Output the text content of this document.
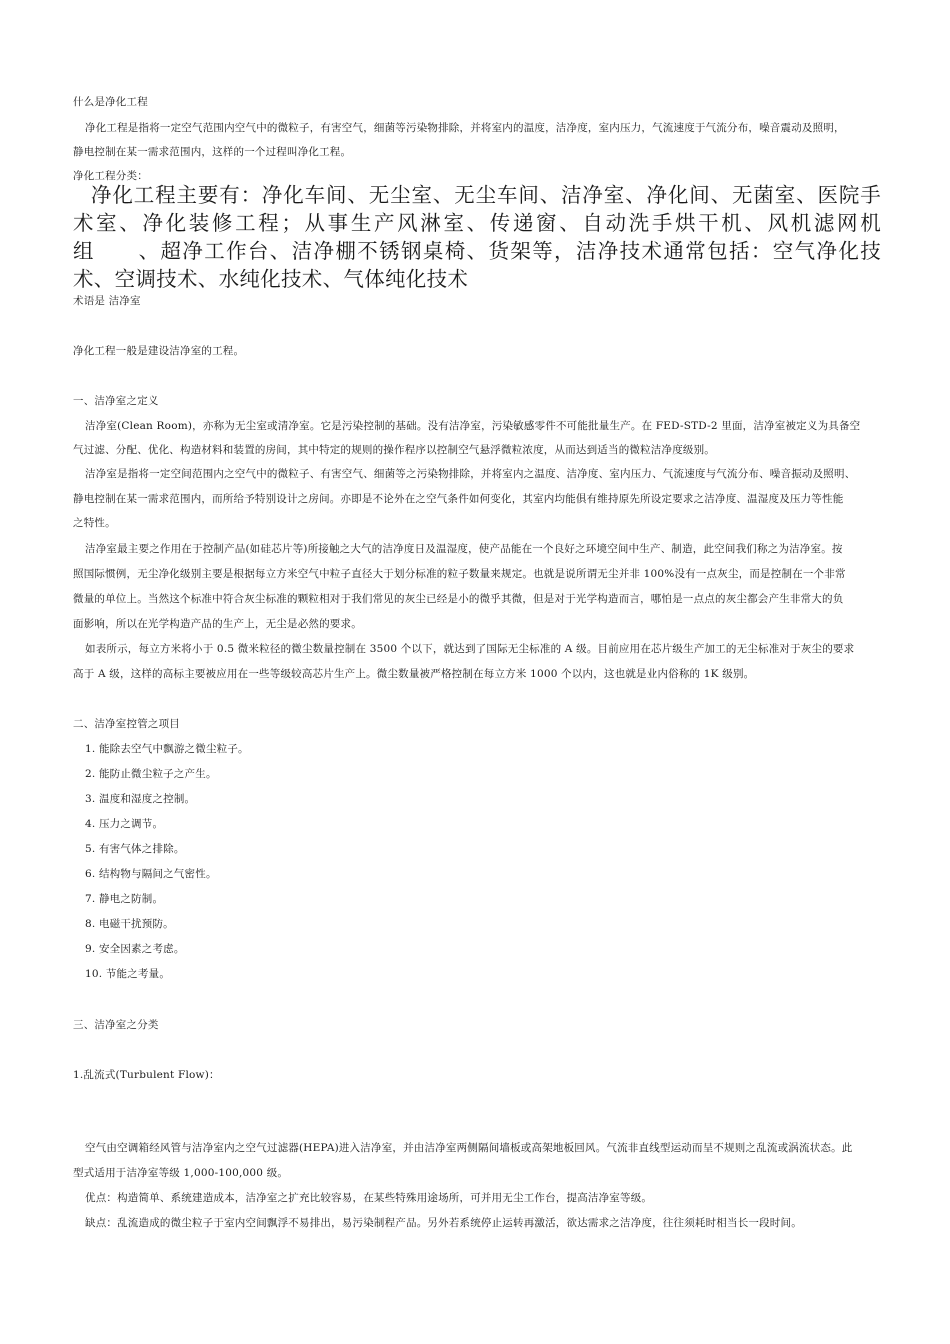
什么是净化工程
净化工程是指将一定空气范围内空气中的微粒子，有害空气，细菌等污染物排除，并将室内的温度，洁净度，室内压力，气流速度于气流分布，噪音震动及照明，
静电控制在某一需求范围内，这样的一个过程叫净化工程。
净化工程分类：
净化工程主要有：净化车间、无尘室、无尘车间、洁净室、净化间、无菌室、医院手术室、净化装修工程；从事生产风淋室、传递窗、自动洗手烘干机、风机滤网机组　　、超净工作台、洁净棚不锈钢桌椅、货架等，洁净技术通常包括：空气净化技术、空调技术、水纯化技术、气体纯化技术
术语是 洁净室
净化工程一般是建设洁净室的工程。
一、洁净室之定义
洁净室(Clean Room)，亦称为无尘室或清净室。它是污染控制的基础。没有洁净室，污染敏感零件不可能批量生产。在 FED-STD-2 里面，洁净室被定义为具备空
气过滤、分配、优化、构造材料和装置的房间，其中特定的规则的操作程序以控制空气悬浮微粒浓度，从而达到适当的微粒洁净度级别。
洁净室是指将一定空间范围内之空气中的微粒子、有害空气、细菌等之污染物排除，并将室内之温度、洁净度、室内压力、气流速度与气流分布、噪音振动及照明、
静电控制在某一需求范围内，而所给予特别设计之房间。亦即是不论外在之空气条件如何变化，其室内均能俱有维持原先所设定要求之洁净度、温湿度及压力等性能
之特性。
洁净室最主要之作用在于控制产品(如硅芯片等)所接触之大气的洁净度日及温湿度，使产品能在一个良好之环境空间中生产、制造，此空间我们称之为洁净室。按
照国际惯例，无尘净化级别主要是根据每立方米空气中粒子直径大于划分标准的粒子数量来规定。也就是说所谓无尘并非 100%没有一点灰尘，而是控制在一个非常
微量的单位上。当然这个标准中符合灰尘标准的颗粒相对于我们常见的灰尘已经是小的微乎其微，但是对于光学构造而言，哪怕是一点点的灰尘都会产生非常大的负
面影响，所以在光学构造产品的生产上，无尘是必然的要求。
如表所示，每立方米将小于 0.5 微米粒径的微尘数量控制在 3500 个以下，就达到了国际无尘标准的 A 级。目前应用在芯片级生产加工的无尘标准对于灰尘的要求
高于 A 级，这样的高标主要被应用在一些等级较高芯片生产上。微尘数量被严格控制在每立方米 1000 个以内，这也就是业内俗称的 1K 级别。
二、洁净室控管之项目
1. 能除去空气中飘游之微尘粒子。
2. 能防止微尘粒子之产生。
3. 温度和湿度之控制。
4. 压力之调节。
5. 有害气体之排除。
6. 结构物与隔间之气密性。
7. 静电之防制。
8. 电磁干扰预防。
9. 安全因素之考虑。
10. 节能之考量。
三、洁净室之分类
1.乱流式(Turbulent Flow)：
空气由空调箱经风管与洁净室内之空气过滤器(HEPA)进入洁净室，并由洁净室两侧隔间墙板或高架地板回风。气流非直线型运动而呈不规则之乱流或涡流状态。此
型式适用于洁净室等级 1,000-100,000 级。
优点：构造简单、系统建造成本，洁净室之扩充比较容易，在某些特殊用途场所，可并用无尘工作台，提高洁净室等级。
缺点：乱流造成的微尘粒子于室内空间飘浮不易排出，易污染制程产品。另外若系统停止运转再激活，欲达需求之洁净度，往往须耗时相当长一段时间。
